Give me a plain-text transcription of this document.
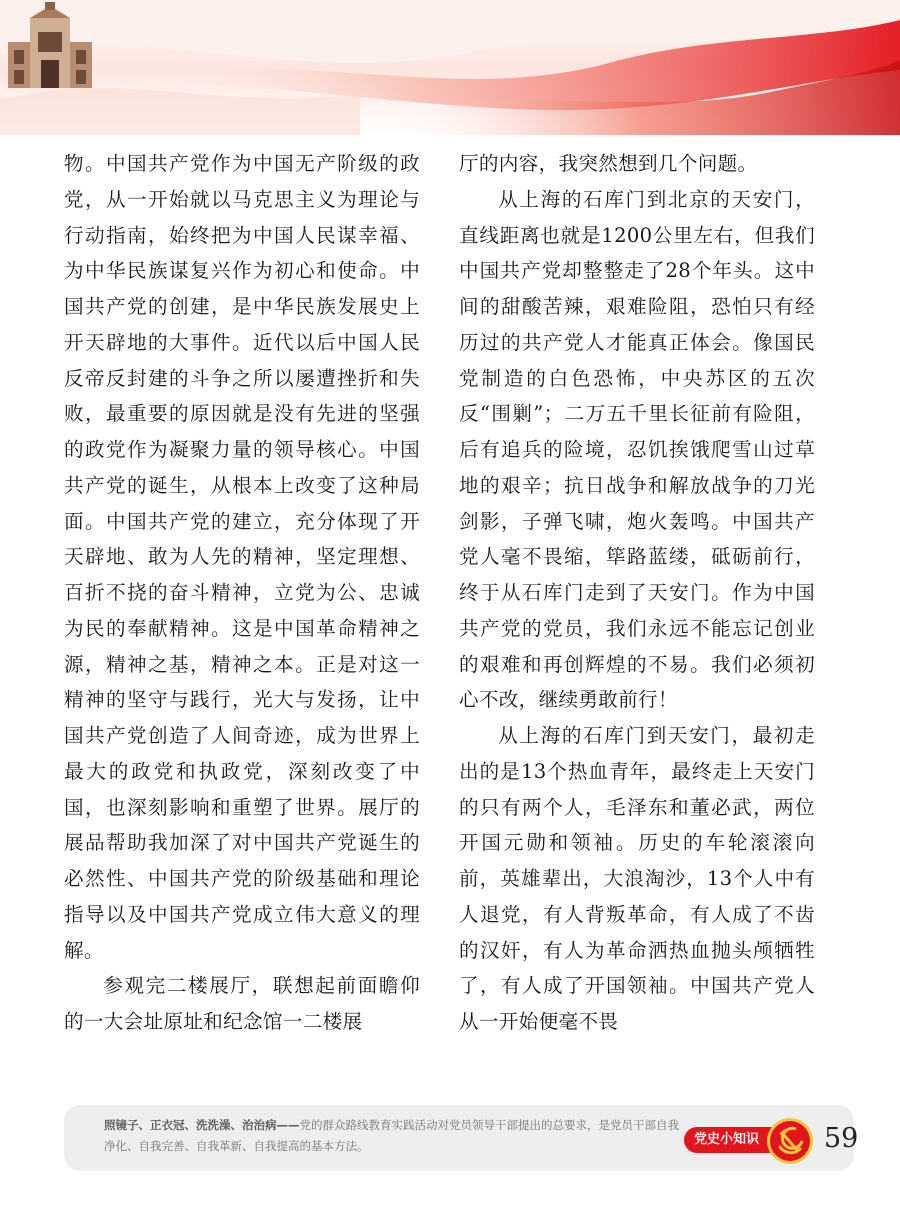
物。中国共产党作为中国无产阶级的政党，从一开始就以马克思主义为理论与行动指南，始终把为中国人民谋幸福、为中华民族谋复兴作为初心和使命。中国共产党的创建，是中华民族发展史上开天辟地的大事件。近代以后中国人民反帝反封建的斗争之所以屡遭挫折和失败，最重要的原因就是没有先进的坚强的政党作为凝聚力量的领导核心。中国共产党的诞生，从根本上改变了这种局面。中国共产党的建立，充分体现了开天辟地、敢为人先的精神，坚定理想、百折不挠的奋斗精神，立党为公、忠诚为民的奉献精神。这是中国革命精神之源，精神之基，精神之本。正是对这一精神的坚守与践行，光大与发扬，让中国共产党创造了人间奇迹，成为世界上最大的政党和执政党，深刻改变了中国，也深刻影响和重塑了世界。展厅的展品帮助我加深了对中国共产党诞生的必然性、中国共产党的阶级基础和理论指导以及中国共产党成立伟大意义的理解。

参观完二楼展厅，联想起前面瞻仰的一大会址原址和纪念馆一二楼展

厅的内容，我突然想到几个问题。

从上海的石库门到北京的天安门，直线距离也就是1200公里左右，但我们中国共产党却整整走了28个年头。这中间的甜酸苦辣，艰难险阻，恐怕只有经历过的共产党人才能真正体会。像国民党制造的白色恐怖，中央苏区的五次反“围剿”；二万五千里长征前有险阻，后有追兵的险境，忍饥挨饿爬雪山过草地的艰辛；抗日战争和解放战争的刀光剑影，子弹飞啸，炮火轰鸣。中国共产党人毫不畏缩，筚路蓝缕，砥砺前行，终于从石库门走到了天安门。作为中国共产党的党员，我们永远不能忘记创业的艰难和再创辉煌的不易。我们必须初心不改，继续勇敢前行！

从上海的石库门到天安门，最初走出的是13个热血青年，最终走上天安门的只有两个人，毛泽东和董必武，两位开国元勋和领袖。历史的车轮滚滚向前，英雄辈出，大浪淘沙，13个人中有人退党，有人背叛革命，有人成了不齿的汉奸，有人为革命洒热血抛头颅牺牲了，有人成了开国领袖。中国共产党人从一开始便毫不畏

照镜子、正衣冠、洗洗澡、治治病——党的群众路线教育实践活动对党员领导干部提出的总要求，是党员干部自我净化、自我完善、自我革新、自我提高的基本方法。	党史小知识	59
